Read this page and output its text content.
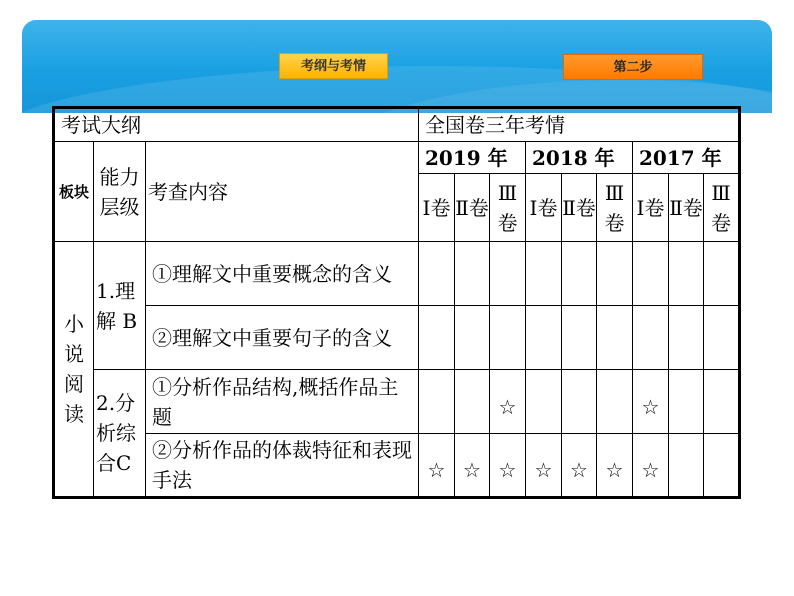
考纲与考情	第二步
考试大纲			全国卷三年考情								
板块	能力层级	考查内容	2019 年			2018 年			2017 年		
			Ⅰ卷	Ⅱ卷	Ⅲ卷	Ⅰ卷	Ⅱ卷	Ⅲ卷	Ⅰ卷	Ⅱ卷	Ⅲ卷
小说阅读	1.理解 B	①理解文中重要概念的含义									
		②理解文中重要句子的含义									
	2.分析综合C	①分析作品结构,概括作品主题			☆				☆		
		②分析作品的体裁特征和表现手法	☆	☆	☆	☆	☆	☆	☆		
